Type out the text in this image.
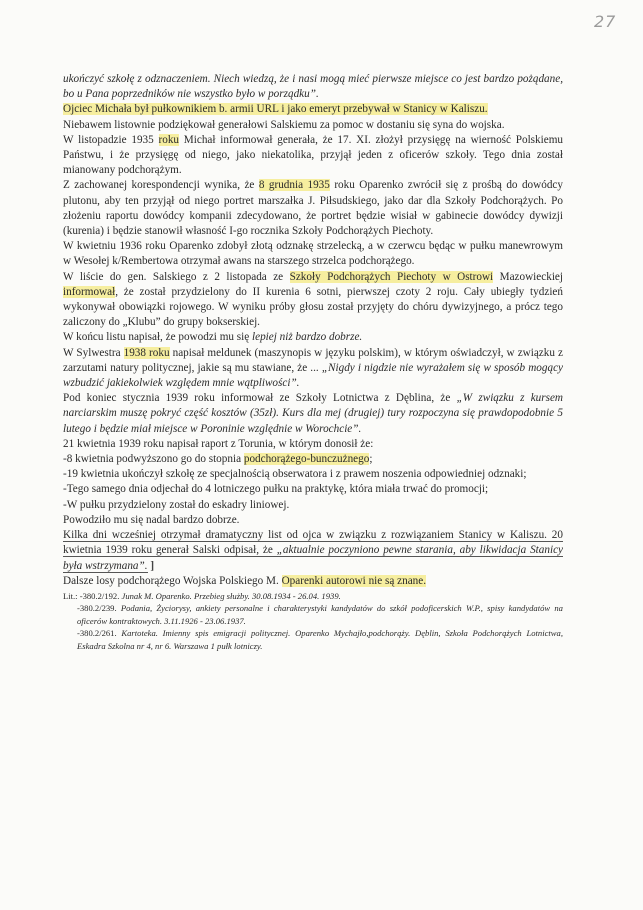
27

ukończyć szkołę z odznaczeniem. Niech wiedzą, że i nasi mogą mieć pierwsze miejsce co jest bardzo pożądane, bo u Pana poprzedników nie wszystko było w porządku”.

Ojciec Michała był pułkownikiem b. armii URL i jako emeryt przebywał w Stanicy w Kaliszu.

Niebawem listownie podziękował generałowi Salskiemu za pomoc w dostaniu się syna do wojska.

W listopadzie 1935 roku Michał informował generała, że 17. XI. złożył przysięgę na wierność Polskiemu Państwu, i że przysięgę od niego, jako niekatolika, przyjął jeden z oficerów szkoły. Tego dnia został mianowany podchorążym.

Z zachowanej korespondencji wynika, że 8 grudnia 1935 roku Oparenko zwrócił się z prośbą do dowódcy plutonu, aby ten przyjął od niego portret marszałka J. Piłsudskiego, jako dar dla Szkoły Podchorążych. Po złożeniu raportu dowódcy kompanii zdecydowano, że portret będzie wisiał w gabinecie dowódcy dywizji (kurenia) i będzie stanowił własność I-go rocznika Szkoły Podchorążych Piechoty.

W kwietniu 1936 roku Oparenko zdobył złotą odznakę strzelecką, a w czerwcu będąc w pułku manewrowym w Wesołej k/Rembertowa otrzymał awans na starszego strzelca podchorążego.

W liście do gen. Salskiego z 2 listopada ze Szkoły Podchorążych Piechoty w Ostrowi Mazowieckiej informował, że został przydzielony do II kurenia 6 sotni, pierwszej czoty 2 roju. Cały ubiegły tydzień wykonywał obowiązki rojowego. W wyniku próby głosu został przyjęty do chóru dywizyjnego, a prócz tego zaliczony do „Klubu” do grupy bokserskiej.

W końcu listu napisał, że powodzi mu się lepiej niż bardzo dobrze.

W Sylwestra 1938 roku napisał meldunek (maszynopis w języku polskim), w którym oświadczył, w związku z zarzutami natury politycznej, jakie są mu stawiane, że ... „Nigdy i nigdzie nie wyrażałem się w sposób mogący wzbudzić jakiekolwiek względem mnie wątpliwości”.

Pod koniec stycznia 1939 roku informował ze Szkoły Lotnictwa z Dęblina, że „W związku z kursem narciarskim muszę pokryć część kosztów (35zł). Kurs dla mej (drugiej) tury rozpoczyna się prawdopodobnie 5 lutego i będzie miał miejsce w Poroninie względnie w Worochcie”.

21 kwietnia 1939 roku napisał raport z Torunia, w którym donosił że:

-8 kwietnia podwyższono go do stopnia podchorążego-bunczużnego;

-19 kwietnia ukończył szkołę ze specjalnością obserwatora i z prawem noszenia odpowiedniej odznaki;

-Tego samego dnia odjechał do 4 lotniczego pułku na praktykę, która miała trwać do promocji;

-W pułku przydzielony został do eskadry liniowej.

Powodziło mu się nadal bardzo dobrze.

Kilka dni wcześniej otrzymał dramatyczny list od ojca w związku z rozwiązaniem Stanicy w Kaliszu. 20 kwietnia 1939 roku generał Salski odpisał, że „aktualnie poczyniono pewne starania, aby likwidacja Stanicy była wstrzymana”. ]

Dalsze losy podchorążego Wojska Polskiego M. Oparenki autorowi nie są znane.

Lit.: -380.2/192. Junak M. Oparenko. Przebieg służby. 30.08.1934 - 26.04. 1939.

-380.2/239. Podania, Życiorysy, ankiety personalne i charakterystyki kandydatów do szkół podoficerskich W.P., spisy kandydatów na oficerów kontraktowych. 3.11.1926 - 23.06.1937.

-380.2/261. Kartoteka. Imienny spis emigracji politycznej. Oparenko Mychajło,podchorąży. Dęblin, Szkoła Podchorążych Lotnictwa, Eskadra Szkolna nr 4, nr 6. Warszawa 1 pułk lotniczy.
